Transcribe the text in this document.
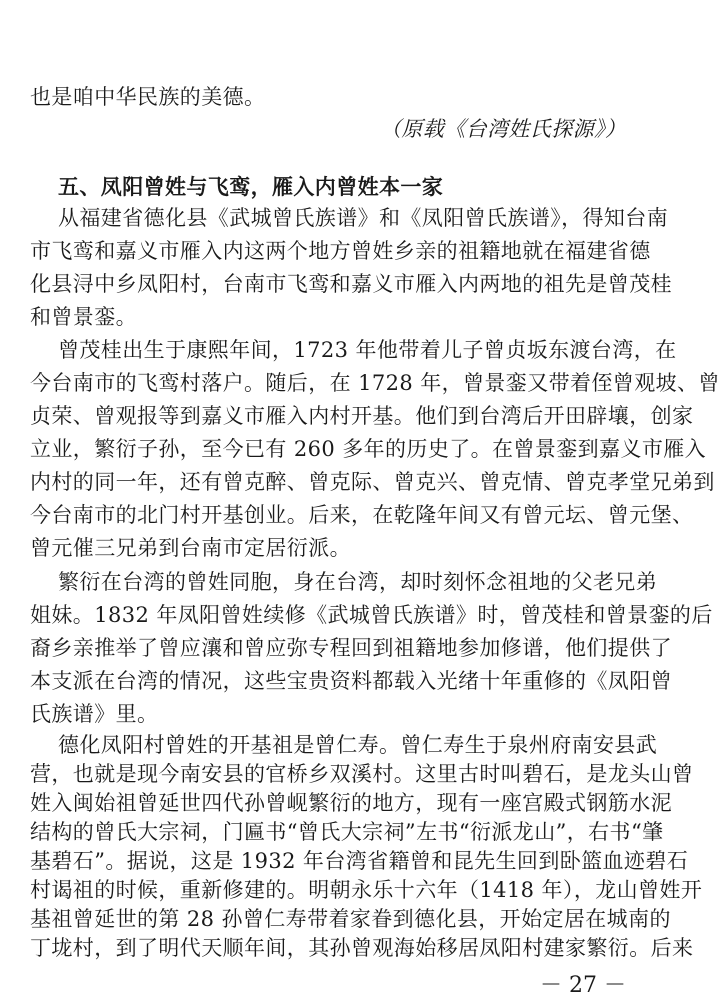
也是咱中华民族的美德。
（原载《台湾姓氏探源》）
五、凤阳曾姓与飞鸾，雁入内曾姓本一家
从福建省德化县《武城曾氏族谱》和《凤阳曾氏族谱》，得知台南
市飞鸾和嘉义市雁入内这两个地方曾姓乡亲的祖籍地就在福建省德
化县浔中乡凤阳村，台南市飞鸾和嘉义市雁入内两地的祖先是曾茂桂
和曾景銮。
曾茂桂出生于康熙年间，1723 年他带着儿子曾贞坂东渡台湾，在
今台南市的飞鸾村落户。随后，在 1728 年，曾景銮又带着侄曾观坡、曾
贞荣、曾观报等到嘉义市雁入内村开基。他们到台湾后开田辟壤，创家
立业，繁衍子孙，至今已有 260 多年的历史了。在曾景銮到嘉义市雁入
内村的同一年，还有曾克醉、曾克际、曾克兴、曾克情、曾克孝堂兄弟到
今台南市的北门村开基创业。后来，在乾隆年间又有曾元坛、曾元堡、
曾元催三兄弟到台南市定居衍派。
繁衍在台湾的曾姓同胞，身在台湾，却时刻怀念祖地的父老兄弟
姐妹。1832 年凤阳曾姓续修《武城曾氏族谱》时，曾茂桂和曾景銮的后
裔乡亲推举了曾应瀼和曾应弥专程回到祖籍地参加修谱，他们提供了
本支派在台湾的情况，这些宝贵资料都载入光绪十年重修的《凤阳曾
氏族谱》里。
德化凤阳村曾姓的开基祖是曾仁寿。曾仁寿生于泉州府南安县武
营，也就是现今南安县的官桥乡双溪村。这里古时叫碧石，是龙头山曾
姓入闽始祖曾延世四代孙曾岘繁衍的地方，现有一座宫殿式钢筋水泥
结构的曾氏大宗祠，门匾书“曾氏大宗祠”左书“衍派龙山”，右书“肇
基碧石”。据说，这是 1932 年台湾省籍曾和昆先生回到卧篮血迹碧石
村谒祖的时候，重新修建的。明朝永乐十六年（1418 年），龙山曾姓开
基祖曾延世的第 28 孙曾仁寿带着家眷到德化县，开始定居在城南的
丁垅村，到了明代天顺年间，其孙曾观海始移居凤阳村建家繁衍。后来
－ 27 －
